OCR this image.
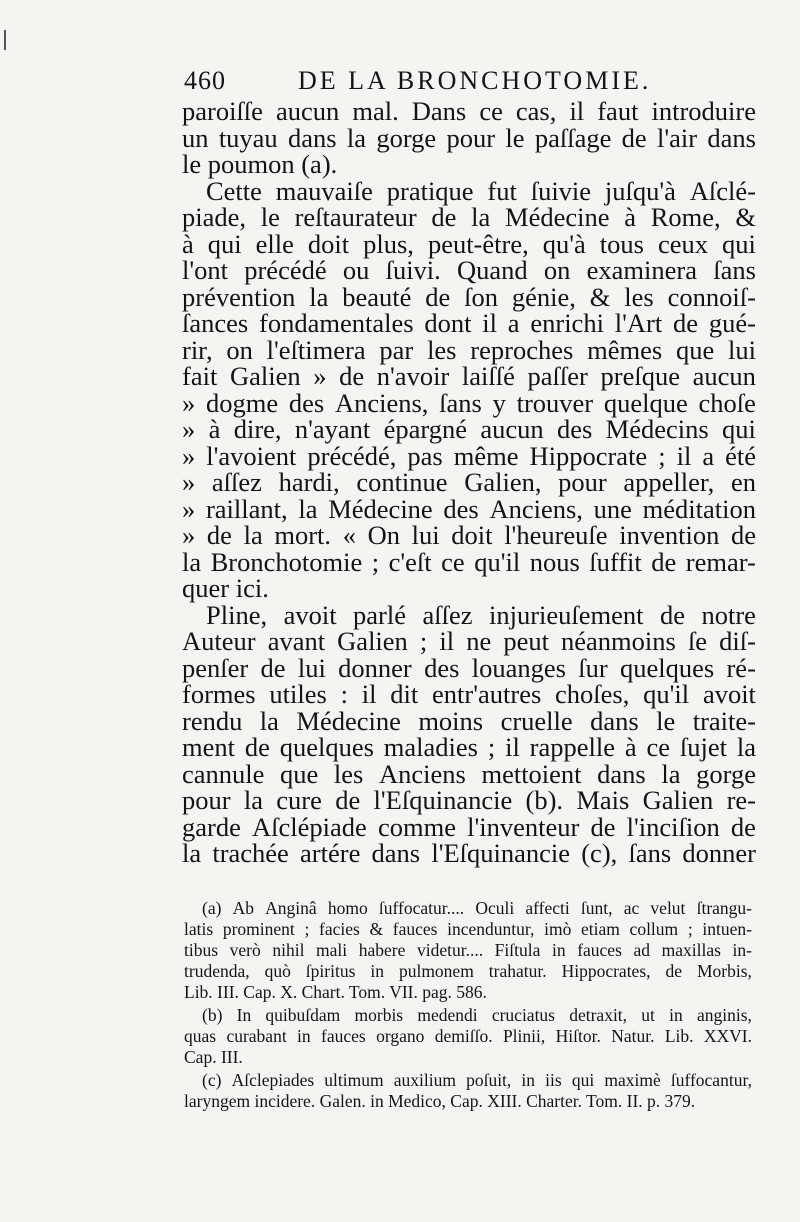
460	DE LA BRONCHOTOMIE.
paroiſſe aucun mal. Dans ce cas, il faut introduire
un tuyau dans la gorge pour le paſſage de l'air dans
le poumon (a).
Cette mauvaiſe pratique fut ſuivie juſqu'à Aſclé-
piade, le reſtaurateur de la Médecine à Rome, &
à qui elle doit plus, peut-être, qu'à tous ceux qui
l'ont précédé ou ſuivi. Quand on examinera ſans
prévention la beauté de ſon génie, & les connoiſ-
ſances fondamentales dont il a enrichi l'Art de gué-
rir, on l'eſtimera par les reproches mêmes que lui
fait Galien » de n'avoir laiſſé paſſer preſque aucun
» dogme des Anciens, ſans y trouver quelque choſe
» à dire, n'ayant épargné aucun des Médecins qui
» l'avoient précédé, pas même Hippocrate ; il a été
» aſſez hardi, continue Galien, pour appeller, en
» raillant, la Médecine des Anciens, une méditation
» de la mort. « On lui doit l'heureuſe invention de
la Bronchotomie ; c'eſt ce qu'il nous ſuffit de remar-
quer ici.
Pline, avoit parlé aſſez injurieuſement de notre
Auteur avant Galien ; il ne peut néanmoins ſe diſ-
penſer de lui donner des louanges ſur quelques ré-
formes utiles : il dit entr'autres choſes, qu'il avoit
rendu la Médecine moins cruelle dans le traite-
ment de quelques maladies ; il rappelle à ce ſujet la
cannule que les Anciens mettoient dans la gorge
pour la cure de l'Eſquinancie (b). Mais Galien re-
garde Aſclépiade comme l'inventeur de l'inciſion de
la trachée artére dans l'Eſquinancie (c), ſans donner
(a) Ab Anginâ homo ſuffocatur.... Oculi affecti ſunt, ac velut ſtrangu-
latis prominent ; facies & fauces incenduntur, imò etiam collum ; intuen-
tibus verò nihil mali habere videtur.... Fiſtula in fauces ad maxillas in-
trudenda, quò ſpiritus in pulmonem trahatur. Hippocrates, de Morbis,
Lib. III. Cap. X. Chart. Tom. VII. pag. 586.
(b) In quibuſdam morbis medendi cruciatus detraxit, ut in anginis,
quas curabant in fauces organo demiſſo. Plinii, Hiſtor. Natur. Lib. XXVI.
Cap. III.
(c) Aſclepiades ultimum auxilium poſuit, in iis qui maximè ſuffocantur,
laryngem inciderе. Galen. in Medico, Cap. XIII. Charter. Tom. II. p. 379.
